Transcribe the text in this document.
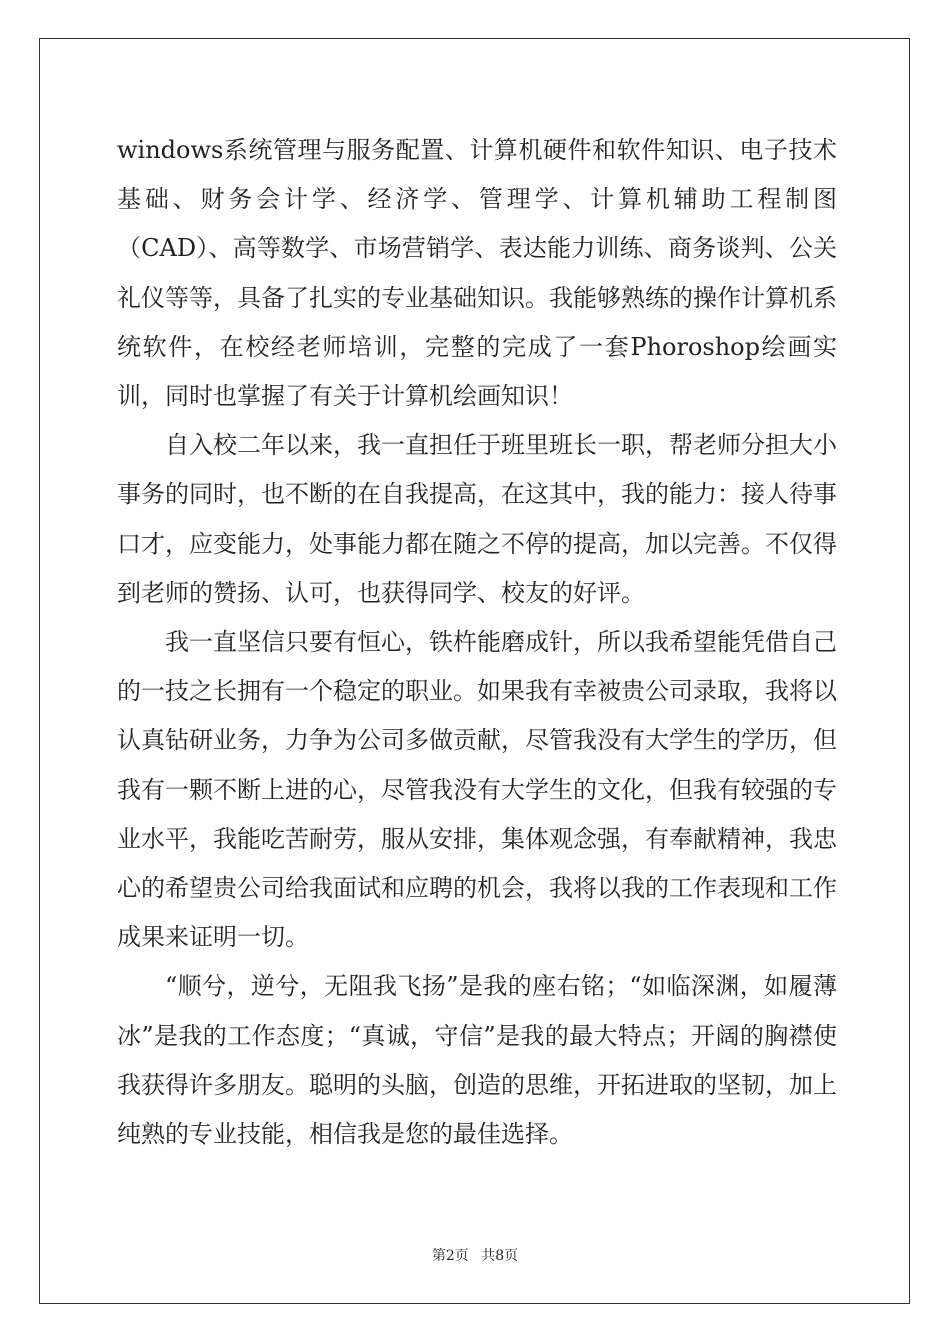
windows系统管理与服务配置、计算机硬件和软件知识、电子技术基础、财务会计学、经济学、管理学、计算机辅助工程制图（CAD）、高等数学、市场营销学、表达能力训练、商务谈判、公关礼仪等等，具备了扎实的专业基础知识。我能够熟练的操作计算机系统软件，在校经老师培训，完整的完成了一套Phoroshop绘画实训，同时也掌握了有关于计算机绘画知识！

自入校二年以来，我一直担任于班里班长一职，帮老师分担大小事务的同时，也不断的在自我提高，在这其中，我的能力：接人待事口才，应变能力，处事能力都在随之不停的提高，加以完善。不仅得到老师的赞扬、认可，也获得同学、校友的好评。

我一直坚信只要有恒心，铁杵能磨成针，所以我希望能凭借自己的一技之长拥有一个稳定的职业。如果我有幸被贵公司录取，我将以认真钻研业务，力争为公司多做贡献，尽管我没有大学生的学历，但我有一颗不断上进的心，尽管我没有大学生的文化，但我有较强的专业水平，我能吃苦耐劳，服从安排，集体观念强，有奉献精神，我忠心的希望贵公司给我面试和应聘的机会，我将以我的工作表现和工作成果来证明一切。

“顺兮，逆兮，无阻我飞扬”是我的座右铭；“如临深渊，如履薄冰”是我的工作态度；“真诚，守信”是我的最大特点；开阔的胸襟使我获得许多朋友。聪明的头脑，创造的思维，开拓进取的坚韧，加上纯熟的专业技能，相信我是您的最佳选择。

第2页 共8页
